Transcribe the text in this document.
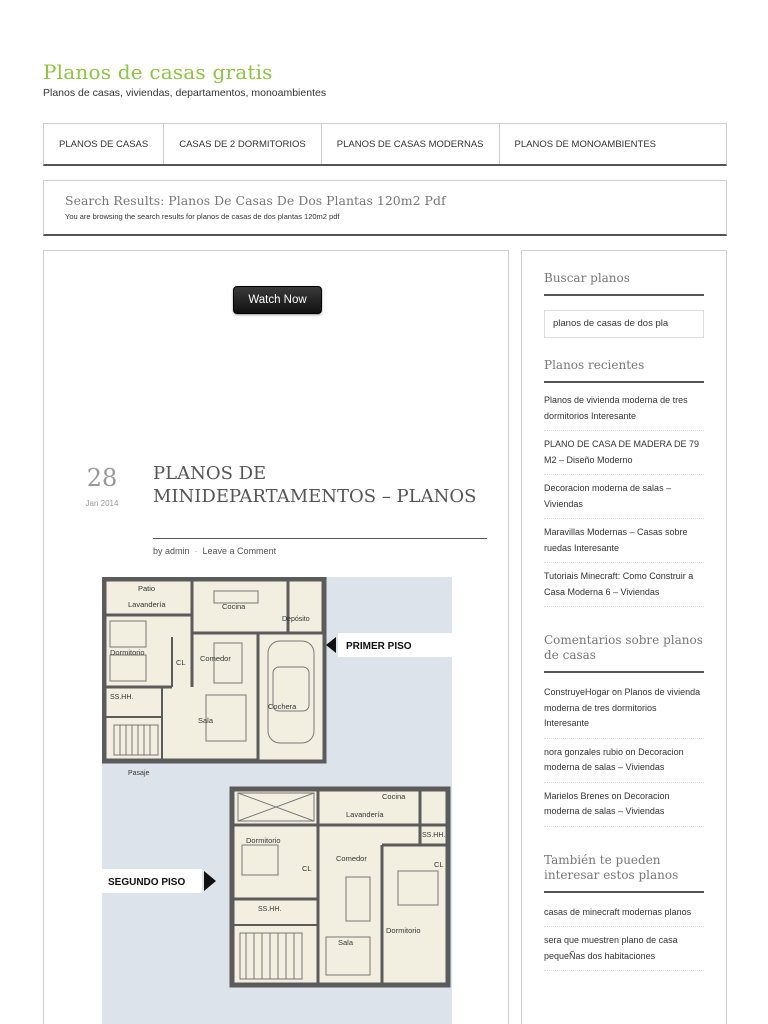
Planos de casas gratis
Planos de casas, viviendas, departamentos, monoambientes
PLANOS DE CASAS	CASAS DE 2 DORMITORIOS	PLANOS DE CASAS MODERNAS	PLANOS DE MONOAMBIENTES
Search Results: Planos De Casas De Dos Plantas 120m2 Pdf

You are browsing the search results for planos de casas de dos plantas 120m2 pdf

Watch Now
28
Jan 2014
PLANOS DE MINIDEPARTAMENTOS – PLANOS
by admin · Leave a Comment
Patio
Lavandería	Cocina
Depósito
Dormitorio
CL Comedor
SS.HH.
Sala
Cochera
Pasaje
PRIMER PISO
Cocina
Lavandería
SS.HH.
Dormitorio
CL
Comedor
CL
SS.HH.
Dormitorio
Sala
SEGUNDO PISO
Buscar planos
planos de casas de dos pla
Planos recientes
Planos de vivienda moderna de tres dormitorios Interesante
PLANO DE CASA DE MADERA DE 79 M2 – Diseño Moderno
Decoracion moderna de salas – Viviendas
Maravillas Modernas – Casas sobre ruedas Interesante
Tutoriais Minecraft: Como Construir a Casa Moderna 6 – Viviendas
Comentarios sobre planos de casas
ConstruyeHogar on Planos de vivienda moderna de tres dormitorios Interesante
nora gonzales rubio on Decoracion moderna de salas – Viviendas
Marielos Brenes on Decoracion moderna de salas – Viviendas
También te pueden interesar estos planos
casas de minecraft modernas planos
sera que muestren plano de casa pequeÑas dos habitaciones
